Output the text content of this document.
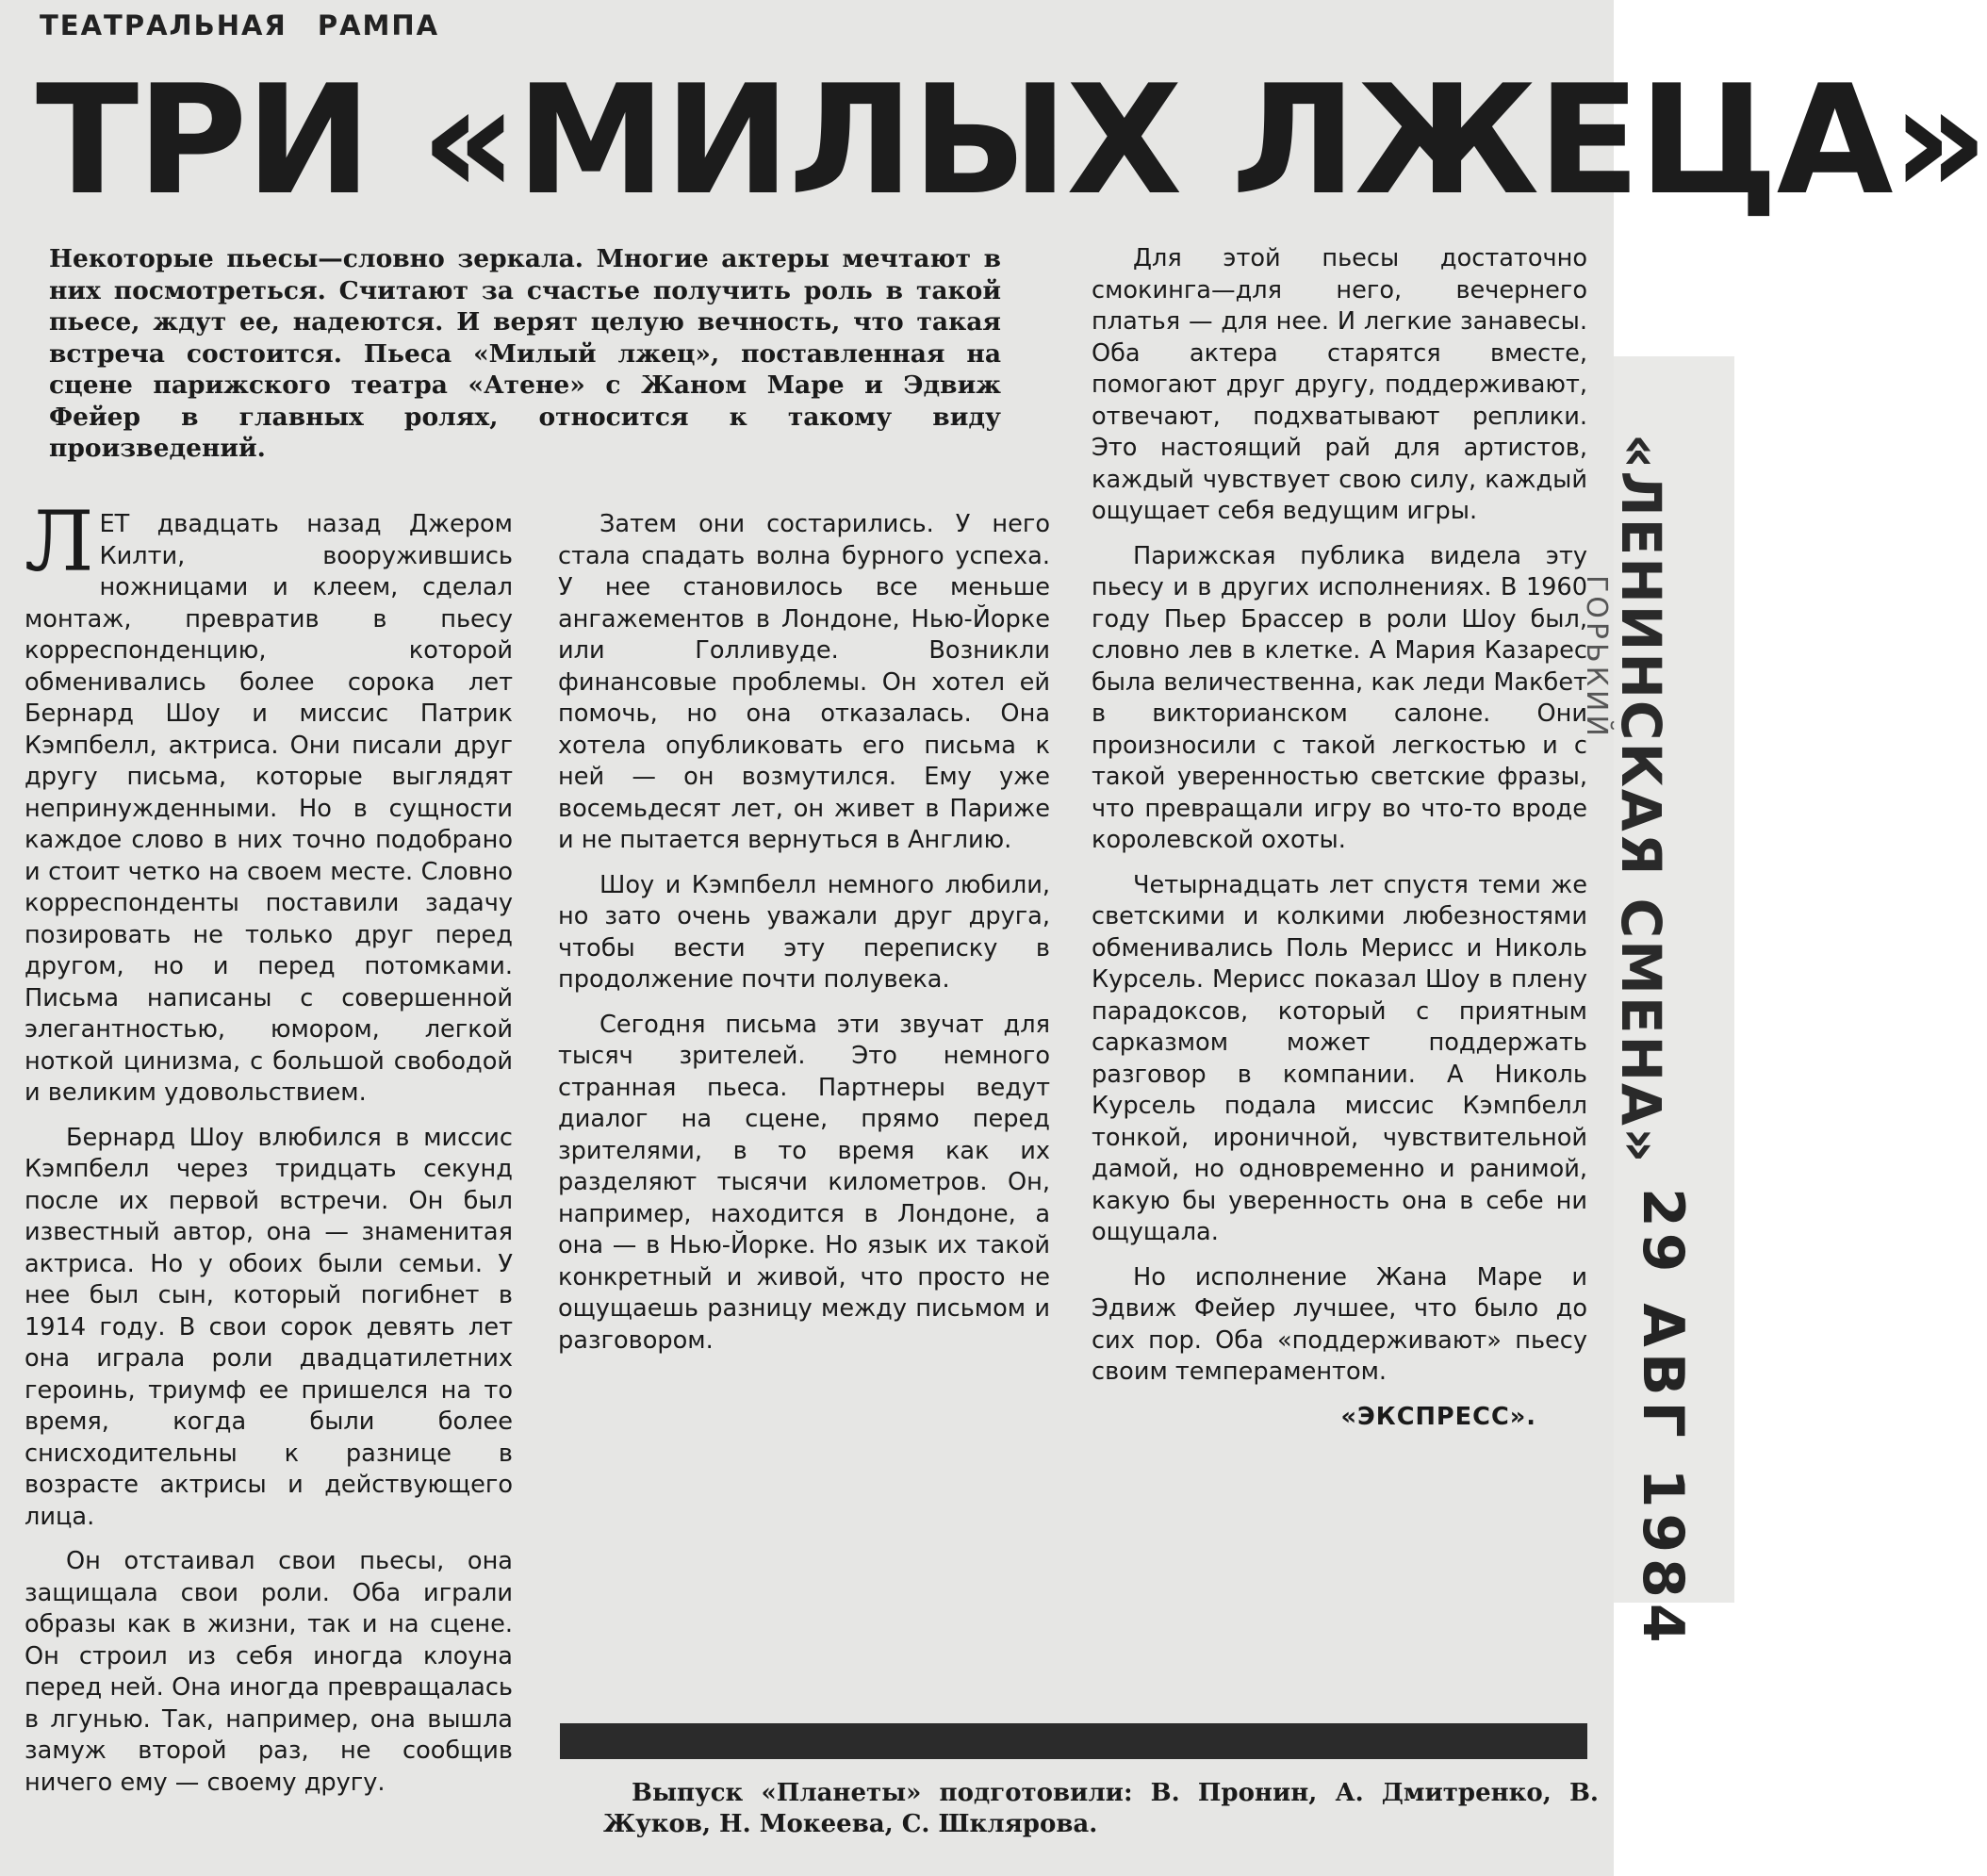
ТЕАТРАЛЬНАЯ РАМПА
ТРИ «МИЛЫХ ЛЖЕЦА»
Некоторые пьесы—словно зеркала. Многие актеры мечтают в них посмотреться. Считают за счастье получить роль в такой пьесе, ждут ее, надеются. И верят целую вечность, что такая встреча состоится. Пьеса «Милый лжец», поставленная на сцене парижского театра «Атене» с Жаном Маре и Эдвиж Фейер в главных ролях, относится к такому виду произведений.

ЛЕТ двадцать назад Джером Килти, вооружившись ножницами и клеем, сделал монтаж, превратив в пьесу корреспонденцию, которой обменивались более сорока лет Бернард Шоу и миссис Патрик Кэмпбелл, актриса. Они писали друг другу письма, которые выглядят непринужденными. Но в сущности каждое слово в них точно подобрано и стоит четко на своем месте. Словно корреспонденты поставили задачу позировать не только друг перед другом, но и перед потомками. Письма написаны с совершенной элегантностью, юмором, легкой ноткой цинизма, с большой свободой и великим удовольствием.

Бернард Шоу влюбился в миссис Кэмпбелл через тридцать секунд после их первой встречи. Он был известный автор, она — знаменитая актриса. Но у обоих были семьи. У нее был сын, который погибнет в 1914 году. В свои сорок девять лет она играла роли двадцатилетних героинь, триумф ее пришелся на то время, когда были более снисходительны к разнице в возрасте актрисы и действующего лица.

Он отстаивал свои пьесы, она защищала свои роли. Оба играли образы как в жизни, так и на сцене. Он строил из себя иногда клоуна перед ней. Она иногда превращалась в лгунью. Так, например, она вышла замуж второй раз, не сообщив ничего ему — своему другу.

Затем они состарились. У него стала спадать волна бурного успеха. У нее становилось все меньше ангажементов в Лондоне, Нью-Йорке или Голливуде. Возникли финансовые проблемы. Он хотел ей помочь, но она отказалась. Она хотела опубликовать его письма к ней — он возмутился. Ему уже восемьдесят лет, он живет в Париже и не пытается вернуться в Англию.

Шоу и Кэмпбелл немного любили, но зато очень уважали друг друга, чтобы вести эту переписку в продолжение почти полувека.

Сегодня письма эти звучат для тысяч зрителей. Это немного странная пьеса. Партнеры ведут диалог на сцене, прямо перед зрителями, в то время как их разделяют тысячи километров. Он, например, находится в Лондоне, а она — в Нью-Йорке. Но язык их такой конкретный и живой, что просто не ощущаешь разницу между письмом и разговором.

Для этой пьесы достаточно смокинга—для него, вечернего платья — для нее. И легкие занавесы. Оба актера старятся вместе, помогают друг другу, поддерживают, отвечают, подхватывают реплики. Это настоящий рай для артистов, каждый чувствует свою силу, каждый ощущает себя ведущим игры.

Парижская публика видела эту пьесу и в других исполнениях. В 1960 году Пьер Брассер в роли Шоу был, словно лев в клетке. А Мария Казарес была величественна, как леди Макбет в викторианском салоне. Они произносили с такой легкостью и с такой уверенностью светские фразы, что превращали игру во что-то вроде королевской охоты.

Четырнадцать лет спустя теми же светскими и колкими любезностями обменивались Поль Мерисс и Николь Курсель. Мерисс показал Шоу в плену парадоксов, который с приятным сарказмом может поддержать разговор в компании. А Николь Курсель подала миссис Кэмпбелл тонкой, ироничной, чувствительной дамой, но одновременно и ранимой, какую бы уверенность она в себе ни ощущала.

Но исполнение Жана Маре и Эдвиж Фейер лучшее, что было до сих пор. Оба «поддерживают» пьесу своим темпераментом.

«ЭКСПРЕСС».

Выпуск «Планеты» подготовили: В. Пронин, А. Дмитренко, В. Жуков, Н. Мокеева, С. Шклярова.

«ЛЕНИНСКАЯ СМЕНА»
ГОРЬКИЙ
29 АВГ 1984
